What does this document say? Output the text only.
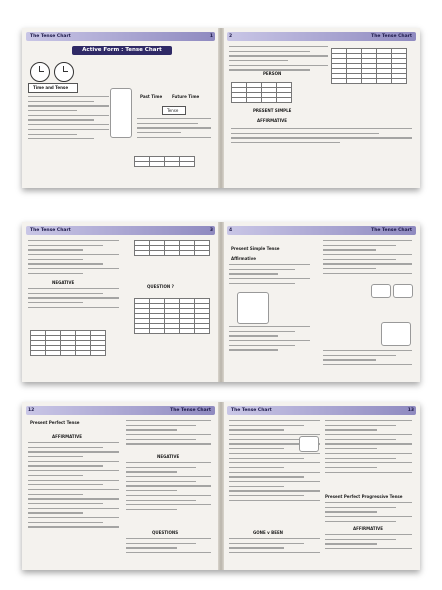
The Tense Chart	1
Active Form : Tense Chart
Time and Tense
Past Time Future Time
Tense

2	The Tense Chart
PERSON

PRESENT SIMPLE
AFFIRMATIVE

The Tense Chart	3
NEGATIVE

QUESTION ?

4	The Tense Chart
Present Simple Tense
Affirmative
12	The Tense Chart
Present Perfect Tense
AFFIRMATIVE
NEGATIVE
QUESTIONS
The Tense Chart	13
GONE v BEEN
Present Perfect Progressive Tense
AFFIRMATIVE
